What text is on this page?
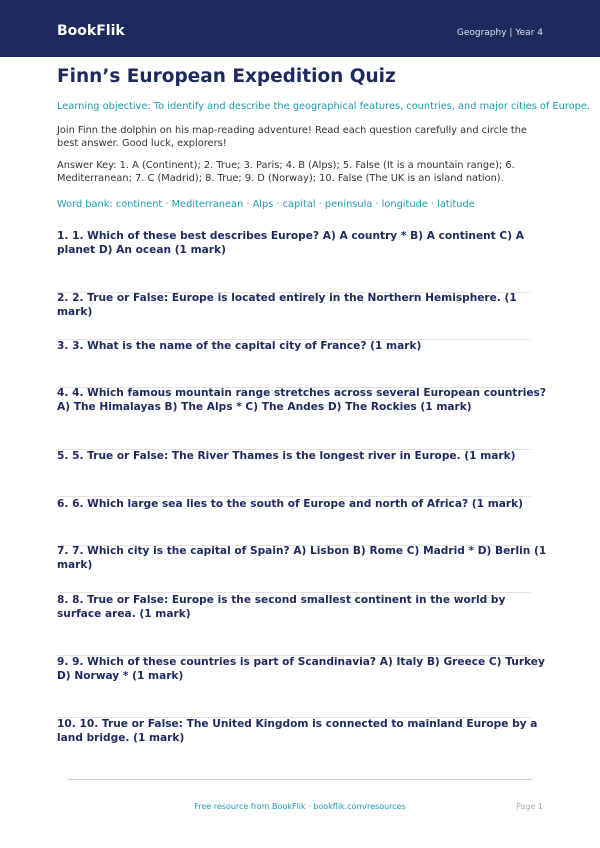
BookFlik	Geography | Year 4
Finn’s European Expedition Quiz
Learning objective: To identify and describe the geographical features, countries, and major cities of Europe.
Join Finn the dolphin on his map-reading adventure! Read each question carefully and circle the best answer. Good luck, explorers!
Answer Key: 1. A (Continent); 2. True; 3. Paris; 4. B (Alps); 5. False (It is a mountain range); 6. Mediterranean; 7. C (Madrid); 8. True; 9. D (Norway); 10. False (The UK is an island nation).
Word bank: continent · Mediterranean · Alps · capital · peninsula · longitude · latitude
1. 1. Which of these best describes Europe? A) A country * B) A continent C) A planet D) An ocean (1 mark)
2. 2. True or False: Europe is located entirely in the Northern Hemisphere. (1 mark)
3. 3. What is the name of the capital city of France? (1 mark)
4. 4. Which famous mountain range stretches across several European countries? A) The Himalayas B) The Alps * C) The Andes D) The Rockies (1 mark)
5. 5. True or False: The River Thames is the longest river in Europe. (1 mark)
6. 6. Which large sea lies to the south of Europe and north of Africa? (1 mark)
7. 7. Which city is the capital of Spain? A) Lisbon B) Rome C) Madrid * D) Berlin (1 mark)
8. 8. True or False: Europe is the second smallest continent in the world by surface area. (1 mark)
9. 9. Which of these countries is part of Scandinavia? A) Italy B) Greece C) Turkey D) Norway * (1 mark)
10. 10. True or False: The United Kingdom is connected to mainland Europe by a land bridge. (1 mark)
Free resource from BookFlik · bookflik.com/resources	Page 1
